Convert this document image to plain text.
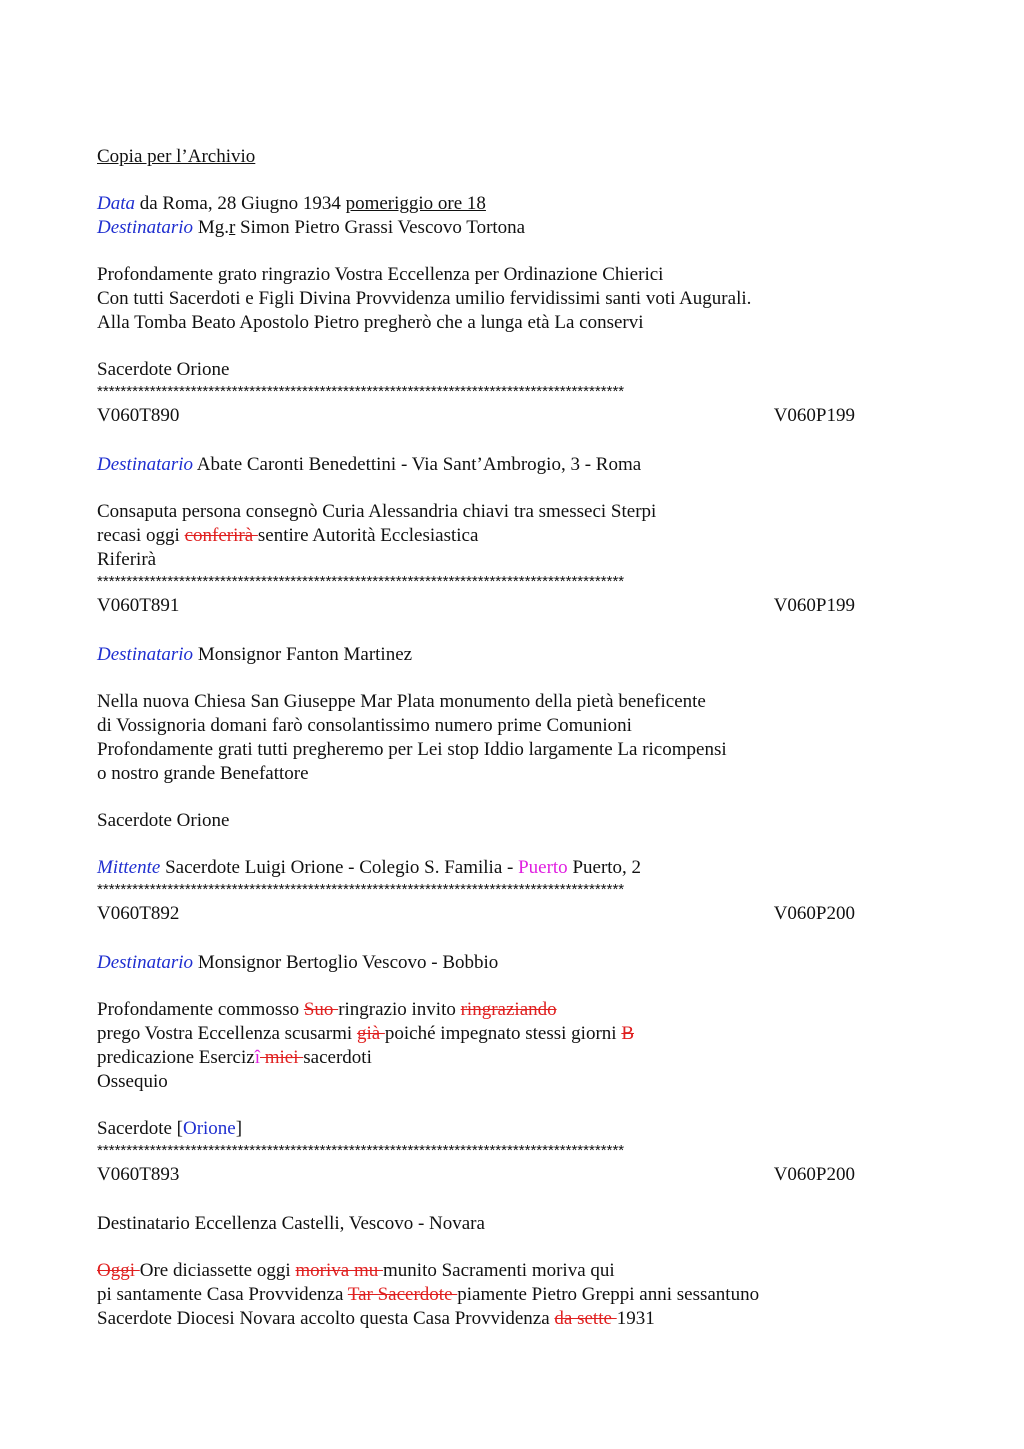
Copia per l’Archivio
Data da Roma, 28 Giugno 1934 pomeriggio ore 18
Destinatario Mg.r Simon Pietro Grassi Vescovo Tortona
Profondamente grato ringrazio Vostra Eccellenza per Ordinazione Chierici
Con tutti Sacerdoti e Figli Divina Provvidenza umilio fervidissimi santi voti Augurali.
Alla Tomba Beato Apostolo Pietro pregherò che a lunga età La conservi
Sacerdote Orione
******************************************************************************************
V060T890	V060P199
Destinatario Abate Caronti Benedettini - Via Sant’Ambrogio, 3 - Roma
Consaputa persona consegnò Curia Alessandria chiavi tra smesseci Sterpi
recasi oggi conferirà sentire Autorità Ecclesiastica
Riferirà
******************************************************************************************
V060T891	V060P199
Destinatario Monsignor Fanton Martinez
Nella nuova Chiesa San Giuseppe Mar Plata monumento della pietà beneficente
di Vossignoria domani farò consolantissimo numero prime Comunioni
Profondamente grati tutti pregheremo per Lei stop Iddio largamente La ricompensi
o nostro grande Benefattore
Sacerdote Orione
Mittente Sacerdote Luigi Orione - Colegio S. Familia - Puerto Puerto, 2
******************************************************************************************
V060T892	V060P200
Destinatario Monsignor Bertoglio Vescovo - Bobbio
Profondamente commosso Suo ringrazio invito ringraziando
prego Vostra Eccellenza scusarmi già poiché impegnato stessi giorni B
predicazione Esercizî miei sacerdoti
Ossequio
Sacerdote [Orione]
******************************************************************************************
V060T893	V060P200
Destinatario Eccellenza Castelli, Vescovo - Novara
Oggi Ore diciassette oggi moriva mu munito Sacramenti moriva qui
pi santamente Casa Provvidenza Tar Sacerdote piamente Pietro Greppi anni sessantuno
Sacerdote Diocesi Novara accolto questa Casa Provvidenza da sette 1931
